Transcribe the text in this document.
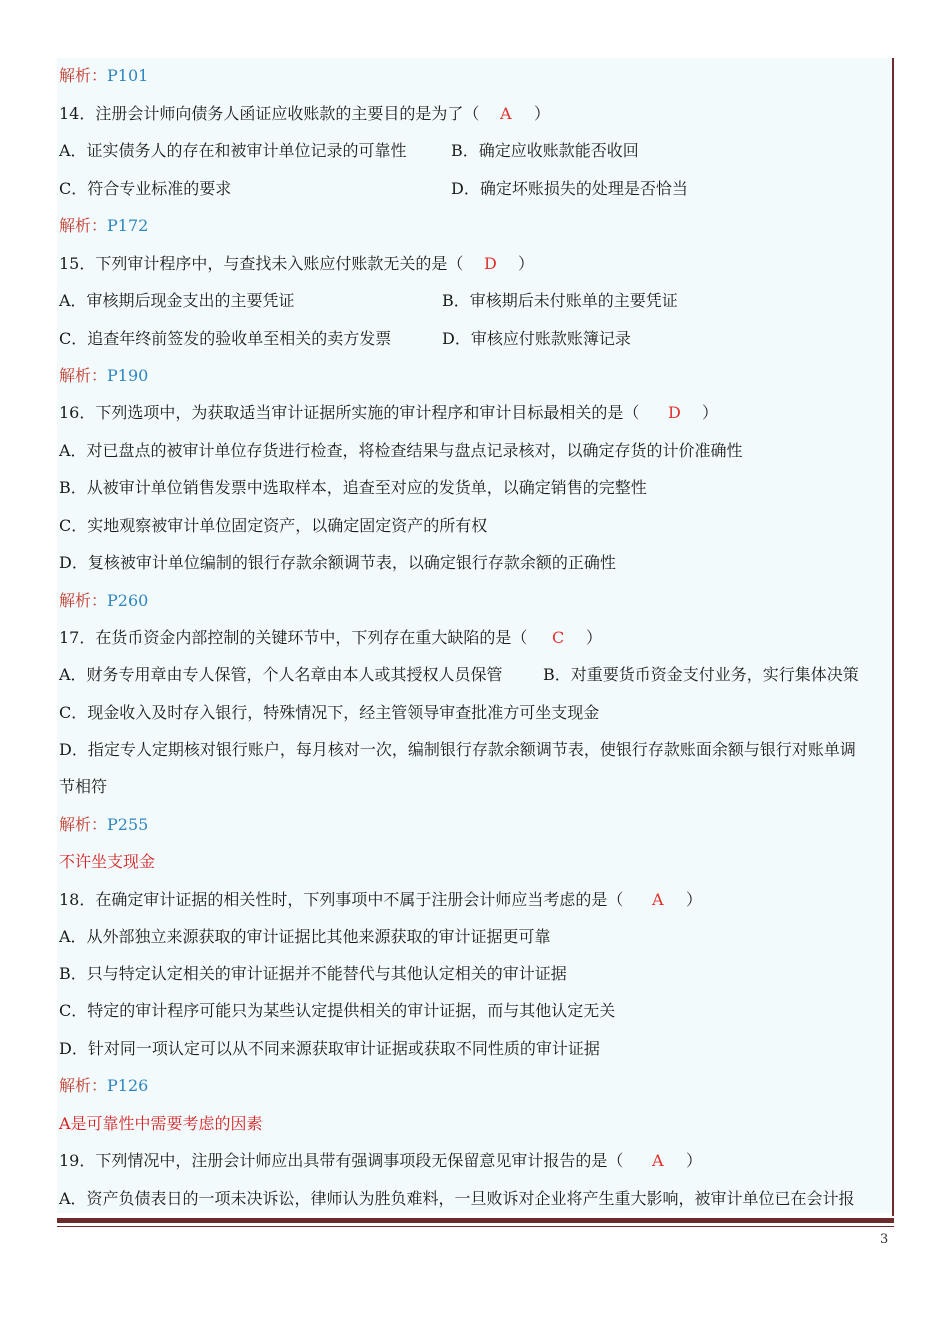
解析：P101
14．注册会计师向债务人函证应收账款的主要目的是为了（ A ）
A．证实债务人的存在和被审计单位记录的可靠性	B．确定应收账款能否收回
C．符合专业标准的要求	D．确定坏账损失的处理是否恰当
解析：P172
15．下列审计程序中，与查找未入账应付账款无关的是（ D ）
A．审核期后现金支出的主要凭证	B．审核期后未付账单的主要凭证
C．追查年终前签发的验收单至相关的卖方发票	D．审核应付账款账簿记录
解析：P190
16．下列选项中，为获取适当审计证据所实施的审计程序和审计目标最相关的是（ D ）
A．对已盘点的被审计单位存货进行检查，将检查结果与盘点记录核对，以确定存货的计价准确性
B．从被审计单位销售发票中选取样本，追查至对应的发货单，以确定销售的完整性
C．实地观察被审计单位固定资产，以确定固定资产的所有权
D．复核被审计单位编制的银行存款余额调节表，以确定银行存款余额的正确性
解析：P260
17．在货币资金内部控制的关键环节中，下列存在重大缺陷的是（ C ）
A．财务专用章由专人保管，个人名章由本人或其授权人员保管	B．对重要货币资金支付业务，实行集体决策
C．现金收入及时存入银行，特殊情况下，经主管领导审查批准方可坐支现金
D．指定专人定期核对银行账户，每月核对一次，编制银行存款余额调节表，使银行存款账面余额与银行对账单调
节相符
解析：P255
不许坐支现金
18．在确定审计证据的相关性时，下列事项中不属于注册会计师应当考虑的是（ A ）
A．从外部独立来源获取的审计证据比其他来源获取的审计证据更可靠
B．只与特定认定相关的审计证据并不能替代与其他认定相关的审计证据
C．特定的审计程序可能只为某些认定提供相关的审计证据，而与其他认定无关
D．针对同一项认定可以从不同来源获取审计证据或获取不同性质的审计证据
解析：P126
A是可靠性中需要考虑的因素
19．下列情况中，注册会计师应出具带有强调事项段无保留意见审计报告的是（ A ）
A．资产负债表日的一项未决诉讼，律师认为胜负难料，一旦败诉对企业将产生重大影响，被审计单位已在会计报
3
